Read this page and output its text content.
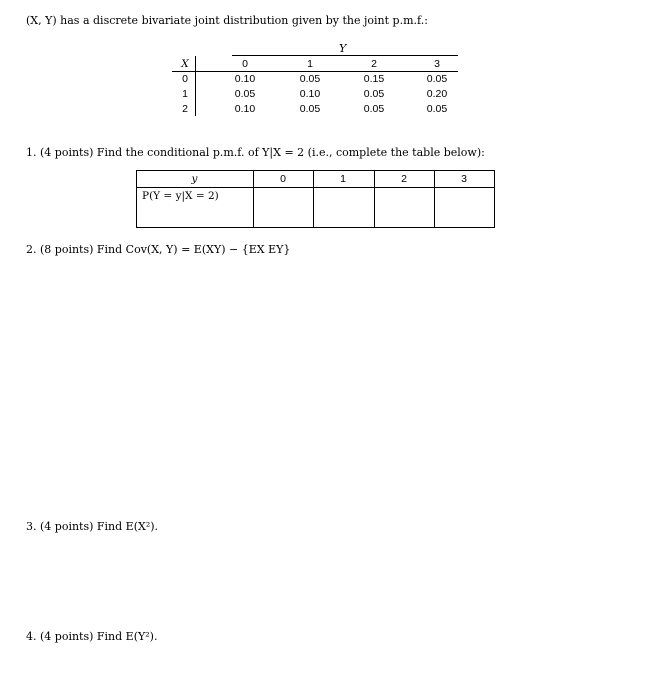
(X, Y) has a discrete bivariate joint distribution given by the joint p.m.f.:
Y
X	0	1	2	3
0	0.10	0.05	0.15	0.05
1	0.05	0.10	0.05	0.20
2	0.10	0.05	0.05	0.05
1. (4 points) Find the conditional p.m.f. of Y|X = 2 (i.e., complete the table below):
y	0	1	2	3
P(Y = y|X = 2)
2. (8 points) Find Cov(X, Y) = E(XY) − {EX EY}
3. (4 points) Find E(X²).
4. (4 points) Find E(Y²).
